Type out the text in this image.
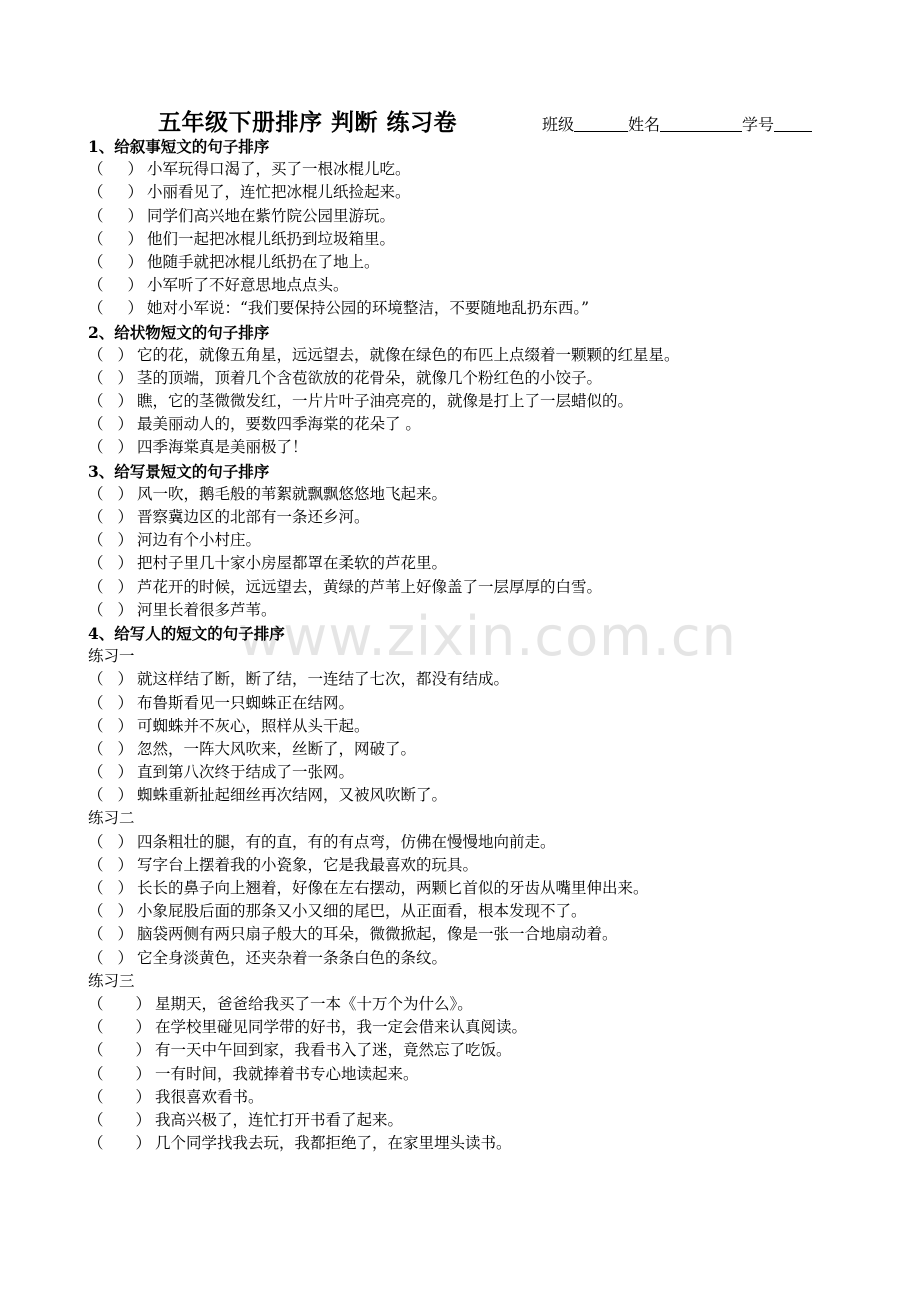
五年级下册排序 判断 练习卷	班级	姓名	学号
www.zixin.com.cn
1、给叙事短文的句子排序
（ ） 小军玩得口渴了，买了一根冰棍儿吃。
（ ） 小丽看见了，连忙把冰棍儿纸捡起来。
（ ） 同学们高兴地在紫竹院公园里游玩。
（ ） 他们一起把冰棍儿纸扔到垃圾箱里。
（ ） 他随手就把冰棍儿纸扔在了地上。
（ ） 小军听了不好意思地点点头。
（ ） 她对小军说：“我们要保持公园的环境整洁，不要随地乱扔东西。”
2、给状物短文的句子排序
（ ） 它的花，就像五角星，远远望去，就像在绿色的布匹上点缀着一颗颗的红星星。
（ ） 茎的顶端，顶着几个含苞欲放的花骨朵，就像几个粉红色的小饺子。
（ ） 瞧，它的茎微微发红，一片片叶子油亮亮的，就像是打上了一层蜡似的。
（ ） 最美丽动人的，要数四季海棠的花朵了 。
（ ） 四季海棠真是美丽极了！
3、给写景短文的句子排序
（ ） 风一吹，鹅毛般的苇絮就飘飘悠悠地飞起来。
（ ） 晋察冀边区的北部有一条还乡河。
（ ） 河边有个小村庄。
（ ） 把村子里几十家小房屋都罩在柔软的芦花里。
（ ） 芦花开的时候，远远望去，黄绿的芦苇上好像盖了一层厚厚的白雪。
（ ） 河里长着很多芦苇。
4、给写人的短文的句子排序
练习一
（ ） 就这样结了断，断了结，一连结了七次，都没有结成。
（ ） 布鲁斯看见一只蜘蛛正在结网。
（ ） 可蜘蛛并不灰心，照样从头干起。
（ ） 忽然，一阵大风吹来，丝断了，网破了。
（ ） 直到第八次终于结成了一张网。
（ ） 蜘蛛重新扯起细丝再次结网，又被风吹断了。
练习二
（ ） 四条粗壮的腿，有的直，有的有点弯，仿佛在慢慢地向前走。
（ ） 写字台上摆着我的小瓷象，它是我最喜欢的玩具。
（ ） 长长的鼻子向上翘着，好像在左右摆动，两颗匕首似的牙齿从嘴里伸出来。
（ ） 小象屁股后面的那条又小又细的尾巴，从正面看，根本发现不了。
（ ） 脑袋两侧有两只扇子般大的耳朵，微微掀起，像是一张一合地扇动着。
（ ） 它全身淡黄色，还夹杂着一条条白色的条纹。
练习三
（ ） 星期天，爸爸给我买了一本《十万个为什么》。
（ ） 在学校里碰见同学带的好书，我一定会借来认真阅读。
（ ） 有一天中午回到家，我看书入了迷，竟然忘了吃饭。
（ ） 一有时间，我就捧着书专心地读起来。
（ ） 我很喜欢看书。
（ ） 我高兴极了，连忙打开书看了起来。
（ ） 几个同学找我去玩，我都拒绝了，在家里埋头读书。
